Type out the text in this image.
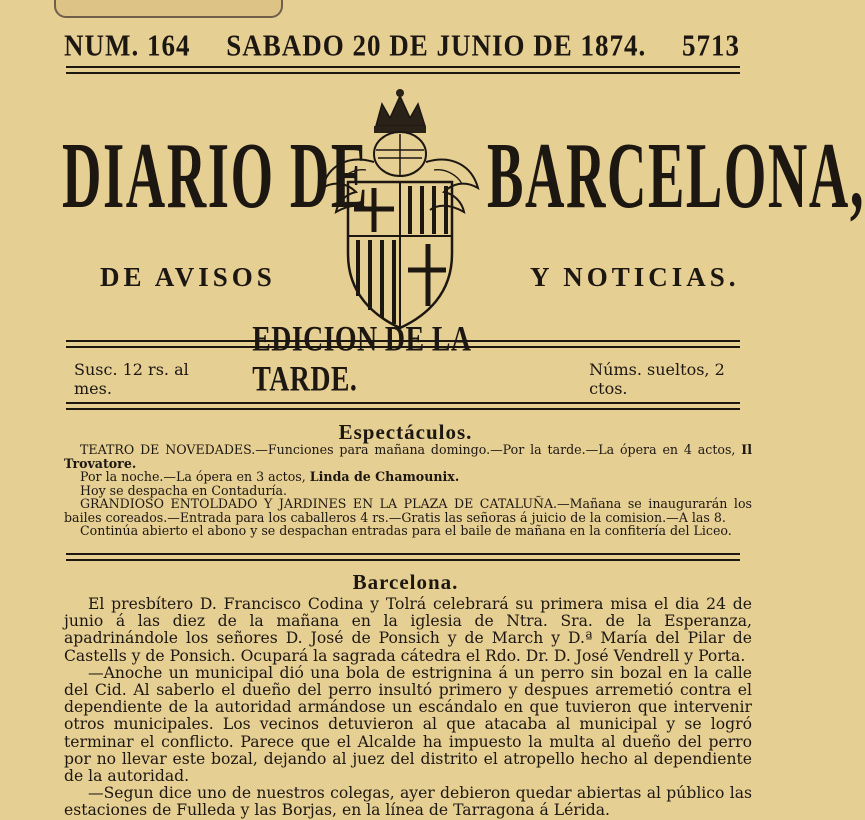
NUM. 164 SABADO 20 DE JUNIO DE 1874. 5713
DIARIO DE BARCELONA,
DE AVISOS	Y NOTICIAS.
Susc. 12 rs. al mes.
EDICION DE LA TARDE.	Núms. sueltos, 2 ctos.
Espectáculos.

TEATRO DE NOVEDADES.—Funciones para mañana domingo.—Por la tarde.—La ópera en 4 actos, Il Trovatore.

Por la noche.—La ópera en 3 actos, Linda de Chamounix.

Hoy se despacha en Contaduría.

GRANDIOSO ENTOLDADO Y JARDINES EN LA PLAZA DE CATALUÑA.—Mañana se inaugurarán los bailes coreados.—Entrada para los caballeros 4 rs.—Gratis las señoras á juicio de la comision.—A las 8.

Continúa abierto el abono y se despachan entradas para el baile de mañana en la confitería del Liceo.

Barcelona.

El presbítero D. Francisco Codina y Tolrá celebrará su primera misa el dia 24 de junio á las diez de la mañana en la iglesia de Ntra. Sra. de la Esperanza, apadrinándole los señores D. José de Ponsich y de March y D.ª María del Pilar de Castells y de Ponsich. Ocupará la sagrada cátedra el Rdo. Dr. D. José Vendrell y Porta.

—Anoche un municipal dió una bola de estrignina á un perro sin bozal en la calle del Cid. Al saberlo el dueño del perro insultó primero y despues arremetió contra el dependiente de la autoridad armándose un escándalo en que tuvieron que intervenir otros municipales. Los vecinos detuvieron al que atacaba al municipal y se logró terminar el conflicto. Parece que el Alcalde ha impuesto la multa al dueño del perro por no llevar este bozal, dejando al juez del distrito el atropello hecho al dependiente de la autoridad.

—Segun dice uno de nuestros colegas, ayer debieron quedar abiertas al público las estaciones de Fulleda y las Borjas, en la línea de Tarragona á Lérida.
